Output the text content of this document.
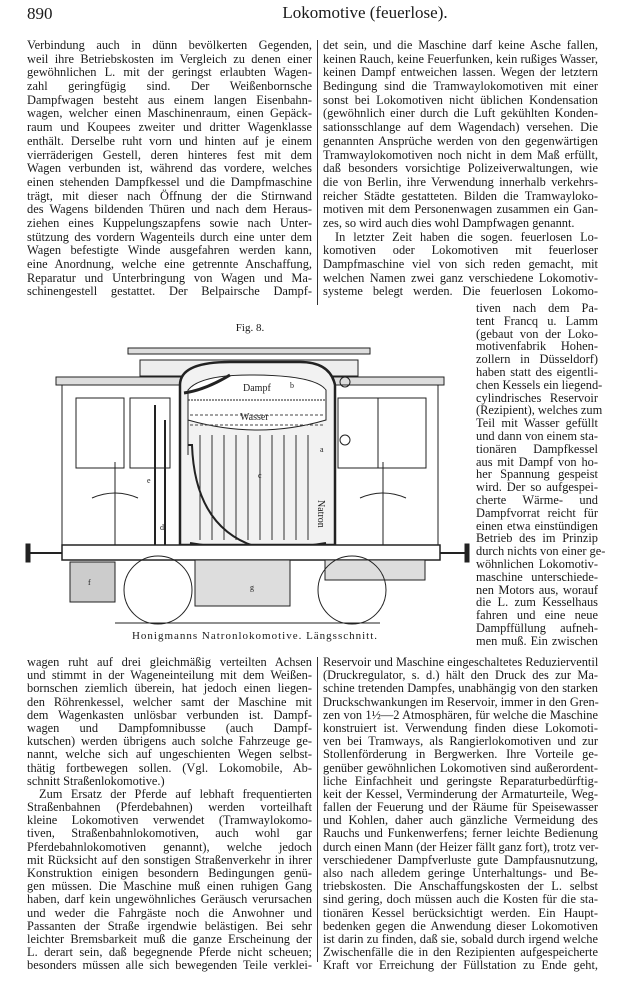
890	Lokomotive (feuerlose).
Verbindung auch in dünn bevölkerten Gegenden,
weil ihre Betriebskosten im Vergleich zu denen einer
gewöhnlichen L. mit der geringst erlaubten Wagen-
zahl geringfügig sind. Der Weißenbornsche
Dampfwagen besteht aus einem langen Eisenbahn-
wagen, welcher einen Maschinenraum, einen Gepäck-
raum und Koupees zweiter und dritter Wagenklasse
enthält. Derselbe ruht vorn und hinten auf je einem
vierräderigen Gestell, deren hinteres fest mit dem
Wagen verbunden ist, während das vordere, welches
einen stehenden Dampfkessel und die Dampfmaschine
trägt, mit dieser nach Öffnung der die Stirnwand
des Wagens bildenden Thüren und nach dem Heraus-
ziehen eines Kuppelungszapfens sowie nach Unter-
stützung des vordern Wagenteils durch eine unter dem
Wagen befestigte Winde ausgefahren werden kann,
eine Anordnung, welche eine getrennte Anschaffung,
Reparatur und Unterbringung von Wagen und Ma-
schinengestell gestattet. Der Belpairsche Dampf-
det sein, und die Maschine darf keine Asche fallen,
keinen Rauch, keine Feuerfunken, kein rußiges Wasser,
keinen Dampf entweichen lassen. Wegen der letztern
Bedingung sind die Tramwaylokomotiven mit einer
sonst bei Lokomotiven nicht üblichen Kondensation
(gewöhnlich einer durch die Luft gekühlten Konden-
sationsschlange auf dem Wagendach) versehen. Die
genannten Ansprüche werden von den gegenwärtigen
Tramwaylokomotiven noch nicht in dem Maß erfüllt,
daß besonders vorsichtige Polizeiverwaltungen, wie
die von Berlin, ihre Verwendung innerhalb verkehrs-
reicher Städte gestatteten. Bilden die Tramwayloko-
motiven mit dem Personenwagen zusammen ein Gan-
zes, so wird auch dies wohl Dampfwagen genannt.
In letzter Zeit haben die sogen. feuerlosen Lo-
komotiven oder Lokomotiven mit feuerloser
Dampfmaschine viel von sich reden gemacht, mit
welchen Namen zwei ganz verschiedene Lokomotiv-
systeme belegt werden. Die feuerlosen Lokomo-
tiven nach dem Pa-
tent Francq u. Lamm
(gebaut von der Loko-
motivenfabrik Hohen-
zollern in Düsseldorf)
haben statt des eigentli-
chen Kessels ein liegend-
cylindrisches Reservoir
(Rezipient), welches zum
Teil mit Wasser gefüllt
und dann von einem sta-
tionären Dampfkessel
aus mit Dampf von ho-
her Spannung gespeist
wird. Der so aufgespei-
cherte Wärme- und
Dampfvorrat reicht für
einen etwa einstündigen
Betrieb des im Prinzip
durch nichts von einer ge-
wöhnlichen Lokomotiv-
maschine unterschiede-
nen Motors aus, worauf
die L. zum Kesselhaus
fahren und eine neue
Dampffüllung aufneh-
men muß. Ein zwischen
wagen ruht auf drei gleichmäßig verteilten Achsen
und stimmt in der Wageneinteilung mit dem Weißen-
bornschen ziemlich überein, hat jedoch einen liegen-
den Röhrenkessel, welcher samt der Maschine mit
dem Wagenkasten unlösbar verbunden ist. Dampf-
wagen und Dampfomnibusse (auch Dampf-
kutschen) werden übrigens auch solche Fahrzeuge ge-
nannt, welche sich auf ungeschienten Wegen selbst-
thätig fortbewegen sollen. (Vgl. Lokomobile, Ab-
schnitt Straßenlokomotive.)
Zum Ersatz der Pferde auf lebhaft frequentierten
Straßenbahnen (Pferdebahnen) werden vorteilhaft
kleine Lokomotiven verwendet (Tramwaylokomo-
tiven, Straßenbahnlokomotiven, auch wohl gar
Pferdebahnlokomotiven genannt), welche jedoch
mit Rücksicht auf den sonstigen Straßenverkehr in ihrer
Konstruktion einigen besondern Bedingungen genü-
gen müssen. Die Maschine muß einen ruhigen Gang
haben, darf kein ungewöhnliches Geräusch verursachen
und weder die Fahrgäste noch die Anwohner und
Passanten der Straße irgendwie belästigen. Bei sehr
leichter Bremsbarkeit muß die ganze Erscheinung der
L. derart sein, daß begegnende Pferde nicht scheuen;
besonders müssen alle sich bewegenden Teile verklei-
Reservoir und Maschine eingeschaltetes Reduzierventil
(Druckregulator, s. d.) hält den Druck des zur Ma-
schine tretenden Dampfes, unabhängig von den starken
Druckschwankungen im Reservoir, immer in den Gren-
zen von 1½—2 Atmosphären, für welche die Maschine
konstruiert ist. Verwendung finden diese Lokomoti-
ven bei Tramways, als Rangierlokomotiven und zur
Stollenförderung in Bergwerken. Ihre Vorteile ge-
genüber gewöhnlichen Lokomotiven sind außerordent-
liche Einfachheit und geringste Reparaturbedürftig-
keit der Kessel, Verminderung der Armaturteile, Weg-
fallen der Feuerung und der Räume für Speisewasser
und Kohlen, daher auch gänzliche Vermeidung des
Rauchs und Funkenwerfens; ferner leichte Bedienung
durch einen Mann (der Heizer fällt ganz fort), trotz ver-
verschiedener Dampfverluste gute Dampfausnutzung,
also nach alledem geringe Unterhaltungs- und Be-
triebskosten. Die Anschaffungskosten der L. selbst
sind gering, doch müssen auch die Kosten für die sta-
tionären Kessel berücksichtigt werden. Ein Haupt-
bedenken gegen die Anwendung dieser Lokomotiven
ist darin zu finden, daß sie, sobald durch irgend welche
Zwischenfälle die in den Rezipienten aufgespeicherte
Kraft vor Erreichung der Füllstation zu Ende geht,
Fig. 8.
Dampf
Wasser
Natron
a
b
c
d
e
f
g
Honigmanns Natronlokomotive. Längsschnitt.
